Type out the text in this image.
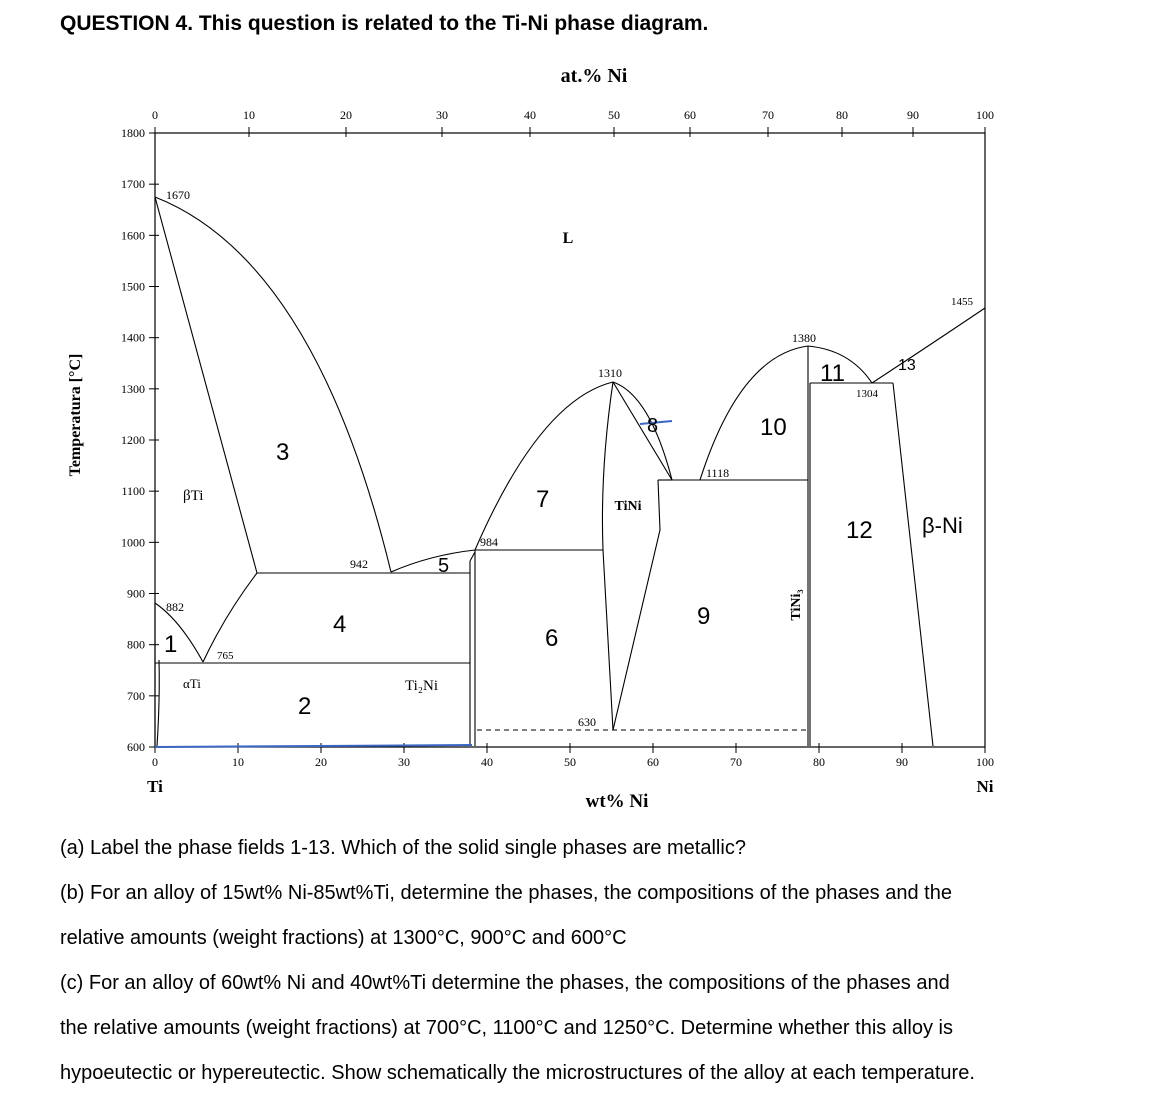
QUESTION 4. This question is related to the Ti-Ni phase diagram.
at.% Ni
Temperatura [°C]
wt% Ni
Ti	Ni
0	10	20	30	40	50	60	70	80	90	100
1800
1700
1600
1500
1400
1300
1200
1100
1000
900
800
700
600
0	10	20	30	40	50	60	70	80	90	100
L
βTi
αTi	Ti₂Ni
TiNi
TiNi₃
β-Ni
1670
882
765
942
984
1310
1118
1380
1304
1455
630
1
2
3
4
5
6
7
8
9
10
11
12
13
(a) Label the phase fields 1-13. Which of the solid single phases are metallic?
(b) For an alloy of 15wt% Ni-85wt%Ti, determine the phases, the compositions of the phases and the
relative amounts (weight fractions) at 1300°C, 900°C and 600°C
(c) For an alloy of 60wt% Ni and 40wt%Ti determine the phases, the compositions of the phases and
the relative amounts (weight fractions) at 700°C, 1100°C and 1250°C. Determine whether this alloy is
hypoeutectic or hypereutectic. Show schematically the microstructures of the alloy at each temperature.
